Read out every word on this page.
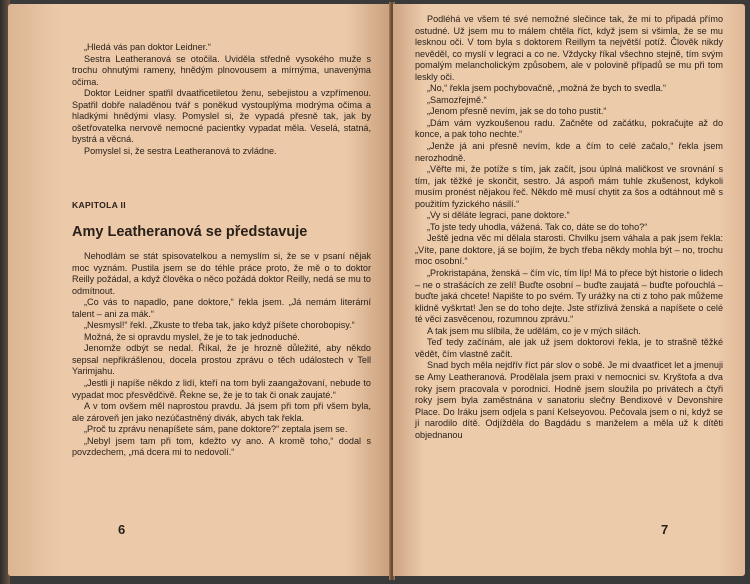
„Hledá vás pan doktor Leidner.“

Sestra Leatheranová se otočila. Uviděla středně vysokého muže s trochu ohnutými rameny, hnědým plnovousem a mírnýma, unavenýma očima.

Doktor Leidner spatřil dvaatřicetiletou ženu, sebejistou a vzpřímenou. Spatřil dobře naladěnou tvář s poněkud vystouplýma modrýma očima a hladkými hnědými vlasy. Pomyslel si, že vypadá přesně tak, jak by ošetřovatelka nervově nemocné pacientky vypadat měla. Veselá, statná, bystrá a věcná.

Pomyslel si, že sestra Leatheranová to zvládne.

KAPITOLA II
Amy Leatheranová se představuje

Nehodlám se stát spisovatelkou a nemyslím si, že se v psaní nějak moc vyznám. Pustila jsem se do téhle práce proto, že mě o to doktor Reilly požádal, a když člověka o něco požádá doktor Reilly, nedá se mu to odmítnout.

„Co vás to napadlo, pane doktore,“ řekla jsem. „Já nemám literární talent – ani za mák.“

„Nesmysl!“ řekl. „Zkuste to třeba tak, jako když píšete chorobopisy.“

Možná, že si opravdu myslel, že je to tak jednoduché.

Jenomže odbýt se nedal. Říkal, že je hrozně důležité, aby někdo sepsal nepřikrášlenou, docela prostou zprávu o těch událostech v Tell Yarimjahu.

„Jestli ji napíše někdo z lidí, kteří na tom byli zaangažovaní, nebude to vypadat moc přesvědčivě. Řekne se, že je to tak či onak zaujaté.“

A v tom ovšem měl naprostou pravdu. Já jsem při tom při všem byla, ale zároveň jen jako nezúčastněný divák, abych tak řekla.

„Proč tu zprávu nenapíšete sám, pane doktore?“ zeptala jsem se.

„Nebyl jsem tam při tom, kdežto vy ano. A kromě toho,“ dodal s povzdechem, „má dcera mi to nedovolí.“

6

Podléhá ve všem té své nemožné slečince tak, že mi to připadá přímo ostudné. Už jsem mu to málem chtěla říct, když jsem si všimla, že se mu lesknou oči. V tom byla s doktorem Reillym ta největší potíž. Člověk nikdy nevěděl, co myslí v legraci a co ne. Vždycky říkal všechno stejně, tím svým pomalým melancholickým způsobem, ale v polovině případů se mu při tom leskly oči.

„No,“ řekla jsem pochybovačně, „možná že bych to svedla.“

„Samozřejmě.“

„Jenom přesně nevím, jak se do toho pustit.“

„Dám vám vyzkoušenou radu. Začněte od začátku, pokračujte až do konce, a pak toho nechte.“

„Jenže já ani přesně nevím, kde a čím to celé začalo,“ řekla jsem nerozhodně.

„Věřte mi, že potíže s tím, jak začít, jsou úplná maličkost ve srovnání s tím, jak těžké je skončit, sestro. Já aspoň mám tuhle zkušenost, kdykoli musím pronést nějakou řeč. Někdo mě musí chytit za šos a odtáhnout mě s použitím fyzického násilí.“

„Vy si děláte legraci, pane doktore.“

„To jste tedy uhodla, vážená. Tak co, dáte se do toho?“

Ještě jedna věc mi dělala starosti. Chvilku jsem váhala a pak jsem řekla: „Víte, pane doktore, já se bojím, že bych třeba někdy mohla být – no, trochu moc osobní.“

„Prokristapána, ženská – čím víc, tím líp! Má to přece být historie o lidech – ne o strašácích ze zelí! Buďte osobní – buďte zaujatá – buďte pořouchlá – buďte jaká chcete! Napište to po svém. Ty urážky na cti z toho pak můžeme klidně vyškrtat! Jen se do toho dejte. Jste střízlivá ženská a napíšete o celé té věci zasvěcenou, rozumnou zprávu.“

A tak jsem mu slíbila, že udělám, co je v mých silách.

Teď tedy začínám, ale jak už jsem doktorovi řekla, je to strašně těžké vědět, čím vlastně začít.

Snad bych měla nejdřív říct pár slov o sobě. Je mi dvaatřicet let a jmenuji se Amy Leatheranová. Prodělala jsem praxi v nemocnici sv. Kryštofa a dva roky jsem pracovala v porodnici. Hodně jsem sloužila po privátech a čtyři roky jsem byla zaměstnána v sanatoriu slečny Bendixové v Devonshire Place. Do Iráku jsem odjela s paní Kelseyovou. Pečovala jsem o ni, když se jí narodilo dítě. Odjížděla do Bagdádu s manželem a měla už k dítěti objednanou

7
